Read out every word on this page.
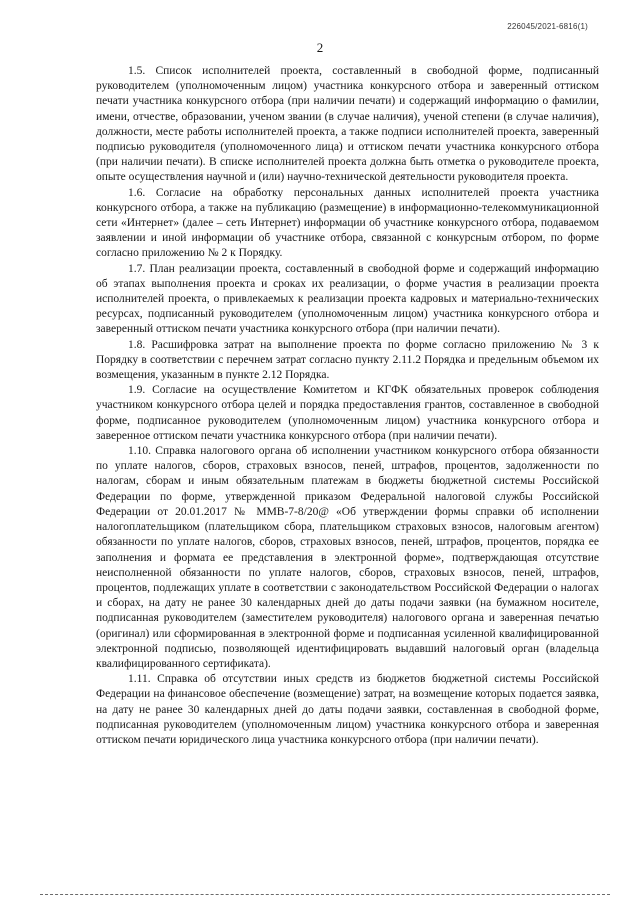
226045/2021-6816(1)
2

1.5. Список исполнителей проекта, составленный в свободной форме, подписанный руководителем (уполномоченным лицом) участника конкурсного отбора и заверенный оттиском печати участника конкурсного отбора (при наличии печати) и содержащий информацию о фамилии, имени, отчестве, образовании, ученом звании (в случае наличия), ученой степени (в случае наличия), должности, месте работы исполнителей проекта, а также подписи исполнителей проекта, заверенный подписью руководителя (уполномоченного лица) и оттиском печати участника конкурсного отбора (при наличии печати). В списке исполнителей проекта должна быть отметка о руководителе проекта, опыте осуществления научной и (или) научно-технической деятельности руководителя проекта.

1.6. Согласие на обработку персональных данных исполнителей проекта участника конкурсного отбора, а также на публикацию (размещение) в информационно-телекоммуникационной сети «Интернет» (далее – сеть Интернет) информации об участнике конкурсного отбора, подаваемом заявлении и иной информации об участнике отбора, связанной с конкурсным отбором, по форме согласно приложению № 2 к Порядку.

1.7. План реализации проекта, составленный в свободной форме и содержащий информацию об этапах выполнения проекта и сроках их реализации, о форме участия в реализации проекта исполнителей проекта, о привлекаемых к реализации проекта кадровых и материально-технических ресурсах, подписанный руководителем (уполномоченным лицом) участника конкурсного отбора и заверенный оттиском печати участника конкурсного отбора (при наличии печати).

1.8. Расшифровка затрат на выполнение проекта по форме согласно приложению № 3 к Порядку в соответствии с перечнем затрат согласно пункту 2.11.2 Порядка и предельным объемом их возмещения, указанным в пункте 2.12 Порядка.

1.9. Согласие на осуществление Комитетом и КГФК обязательных проверок соблюдения участником конкурсного отбора целей и порядка предоставления грантов, составленное в свободной форме, подписанное руководителем (уполномоченным лицом) участника конкурсного отбора и заверенное оттиском печати участника конкурсного отбора (при наличии печати).

1.10. Справка налогового органа об исполнении участником конкурсного отбора обязанности по уплате налогов, сборов, страховых взносов, пеней, штрафов, процентов, задолженности по налогам, сборам и иным обязательным платежам в бюджеты бюджетной системы Российской Федерации по форме, утвержденной приказом Федеральной налоговой службы Российской Федерации от 20.01.2017 № ММВ-7-8/20@ «Об утверждении формы справки об исполнении налогоплательщиком (плательщиком сбора, плательщиком страховых взносов, налоговым агентом) обязанности по уплате налогов, сборов, страховых взносов, пеней, штрафов, процентов, порядка ее заполнения и формата ее представления в электронной форме», подтверждающая отсутствие неисполненной обязанности по уплате налогов, сборов, страховых взносов, пеней, штрафов, процентов, подлежащих уплате в соответствии с законодательством Российской Федерации о налогах и сборах, на дату не ранее 30 календарных дней до даты подачи заявки (на бумажном носителе, подписанная руководителем (заместителем руководителя) налогового органа и заверенная печатью (оригинал) или сформированная в электронной форме и подписанная усиленной квалифицированной электронной подписью, позволяющей идентифицировать выдавший налоговый орган (владельца квалифицированного сертификата).

1.11. Справка об отсутствии иных средств из бюджетов бюджетной системы Российской Федерации на финансовое обеспечение (возмещение) затрат, на возмещение которых подается заявка, на дату не ранее 30 календарных дней до даты подачи заявки, составленная в свободной форме, подписанная руководителем (уполномоченным лицом) участника конкурсного отбора и заверенная оттиском печати юридического лица участника конкурсного отбора (при наличии печати).
